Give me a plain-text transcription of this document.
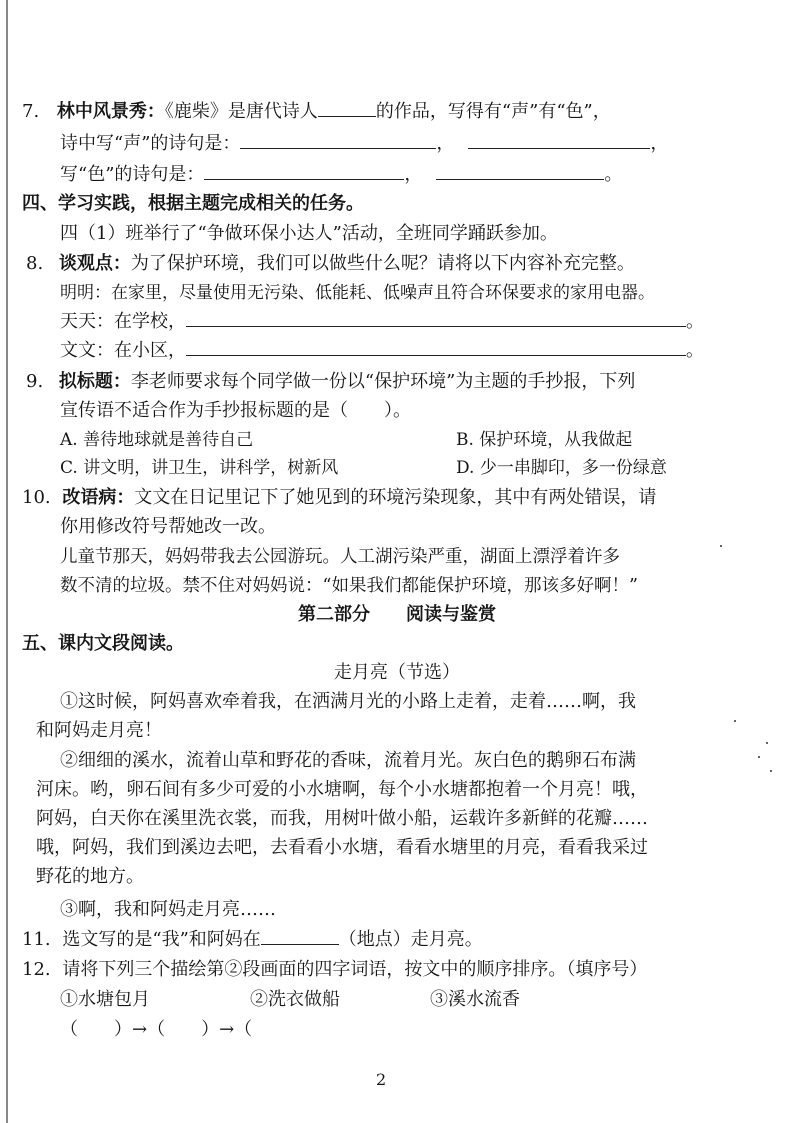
7. 林中风景秀：《鹿柴》是唐代诗人	的作品，写得有“声”有“色”，
诗中写“声”的诗句是：	，	，
写“色”的诗句是：	，	。
四、学习实践，根据主题完成相关的任务。
四（1）班举行了“争做环保小达人”活动，全班同学踊跃参加。
8. 谈观点：为了保护环境，我们可以做些什么呢？请将以下内容补充完整。
明明：在家里，尽量使用无污染、低能耗、低噪声且符合环保要求的家用电器。
天天：在学校，	。
文文：在小区，	。
9. 拟标题：李老师要求每个同学做一份以“保护环境”为主题的手抄报，下列
宣传语不适合作为手抄报标题的是（　　）。
A. 善待地球就是善待自己	B. 保护环境，从我做起
C. 讲文明，讲卫生，讲科学，树新风	D. 少一串脚印，多一份绿意
10. 改语病：文文在日记里记下了她见到的环境污染现象，其中有两处错误，请
你用修改符号帮她改一改。
儿童节那天，妈妈带我去公园游玩。人工湖污染严重，湖面上漂浮着许多
数不清的垃圾。禁不住对妈妈说：“如果我们都能保护环境，那该多好啊！”
第二部分　　阅读与鉴赏
五、课内文段阅读。
走月亮（节选）
①这时候，阿妈喜欢牵着我，在洒满月光的小路上走着，走着……啊，我
和阿妈走月亮！
②细细的溪水，流着山草和野花的香味，流着月光。灰白色的鹅卵石布满
河床。哟，卵石间有多少可爱的小水塘啊，每个小水塘都抱着一个月亮！哦，
阿妈，白天你在溪里洗衣裳，而我，用树叶做小船，运载许多新鲜的花瓣……
哦，阿妈，我们到溪边去吧，去看看小水塘，看看水塘里的月亮，看看我采过
野花的地方。
③啊，我和阿妈走月亮……
11. 选文写的是“我”和阿妈在	（地点）走月亮。
12. 请将下列三个描绘第②段画面的四字词语，按文中的顺序排序。（填序号）
①水塘包月	②洗衣做船	③溪水流香
（　　）→（　　）→（
2
